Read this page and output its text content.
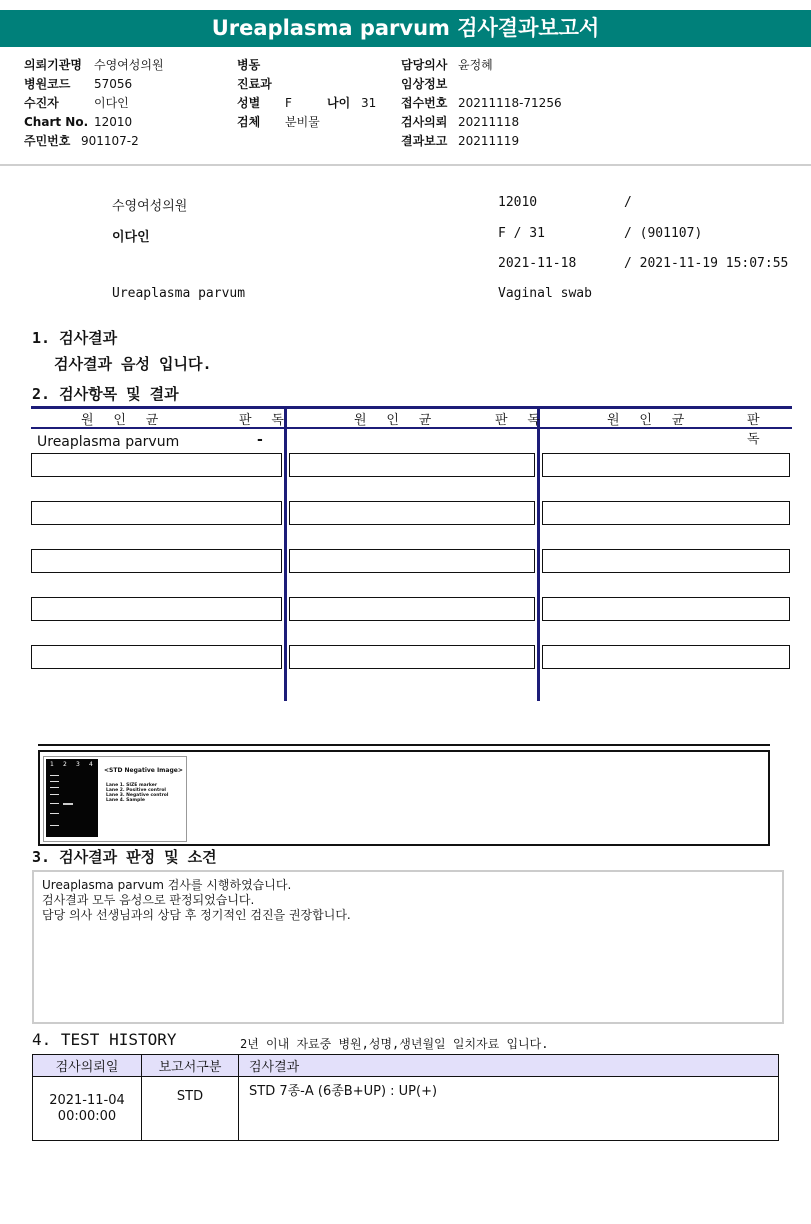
Ureaplasma parvum 검사결과보고서
의뢰기관명 수영여성의원
병원코드 57056
수진자	이다인
Chart No. 12010
주민번호 901107-2
병동
진료과
성별 F	나이 31
검체 분비물
담당의사 윤정혜
임상정보
접수번호 20211118-71256
검사의뢰 20211118
결과보고 20211119
수영여성의원	12010	/
이다인	F / 31	/ (901107)
2021-11-18	/ 2021-11-19 15:07:55
Ureaplasma parvum	Vaginal swab
1. 검사결과
검사결과 음성 입니다.
2. 검사항목 및 결과
원 인 균	판 독	원 인 균	판 독	원 인 균	판 독
Ureaplasma parvum	-
1 2 3 4
<STD Negative Image>
Lane 1. SIZE marker
Lane 2. Positive control
Lane 3. Negative control
Lane 4. Sample
3. 검사결과 판정 및 소견
Ureaplasma parvum 검사를 시행하였습니다.
검사결과 모두 음성으로 판정되었습니다.
담당 의사 선생님과의 상담 후 정기적인 검진을 권장합니다.
4. TEST HISTORY	2년 이내 자료중 병원,성명,생년월일 일치자료 입니다.
검사의뢰일	보고서구분	검사결과

2021-11-04
00:00:00	STD	STD 7종-A (6종B+UP) : UP(+)
